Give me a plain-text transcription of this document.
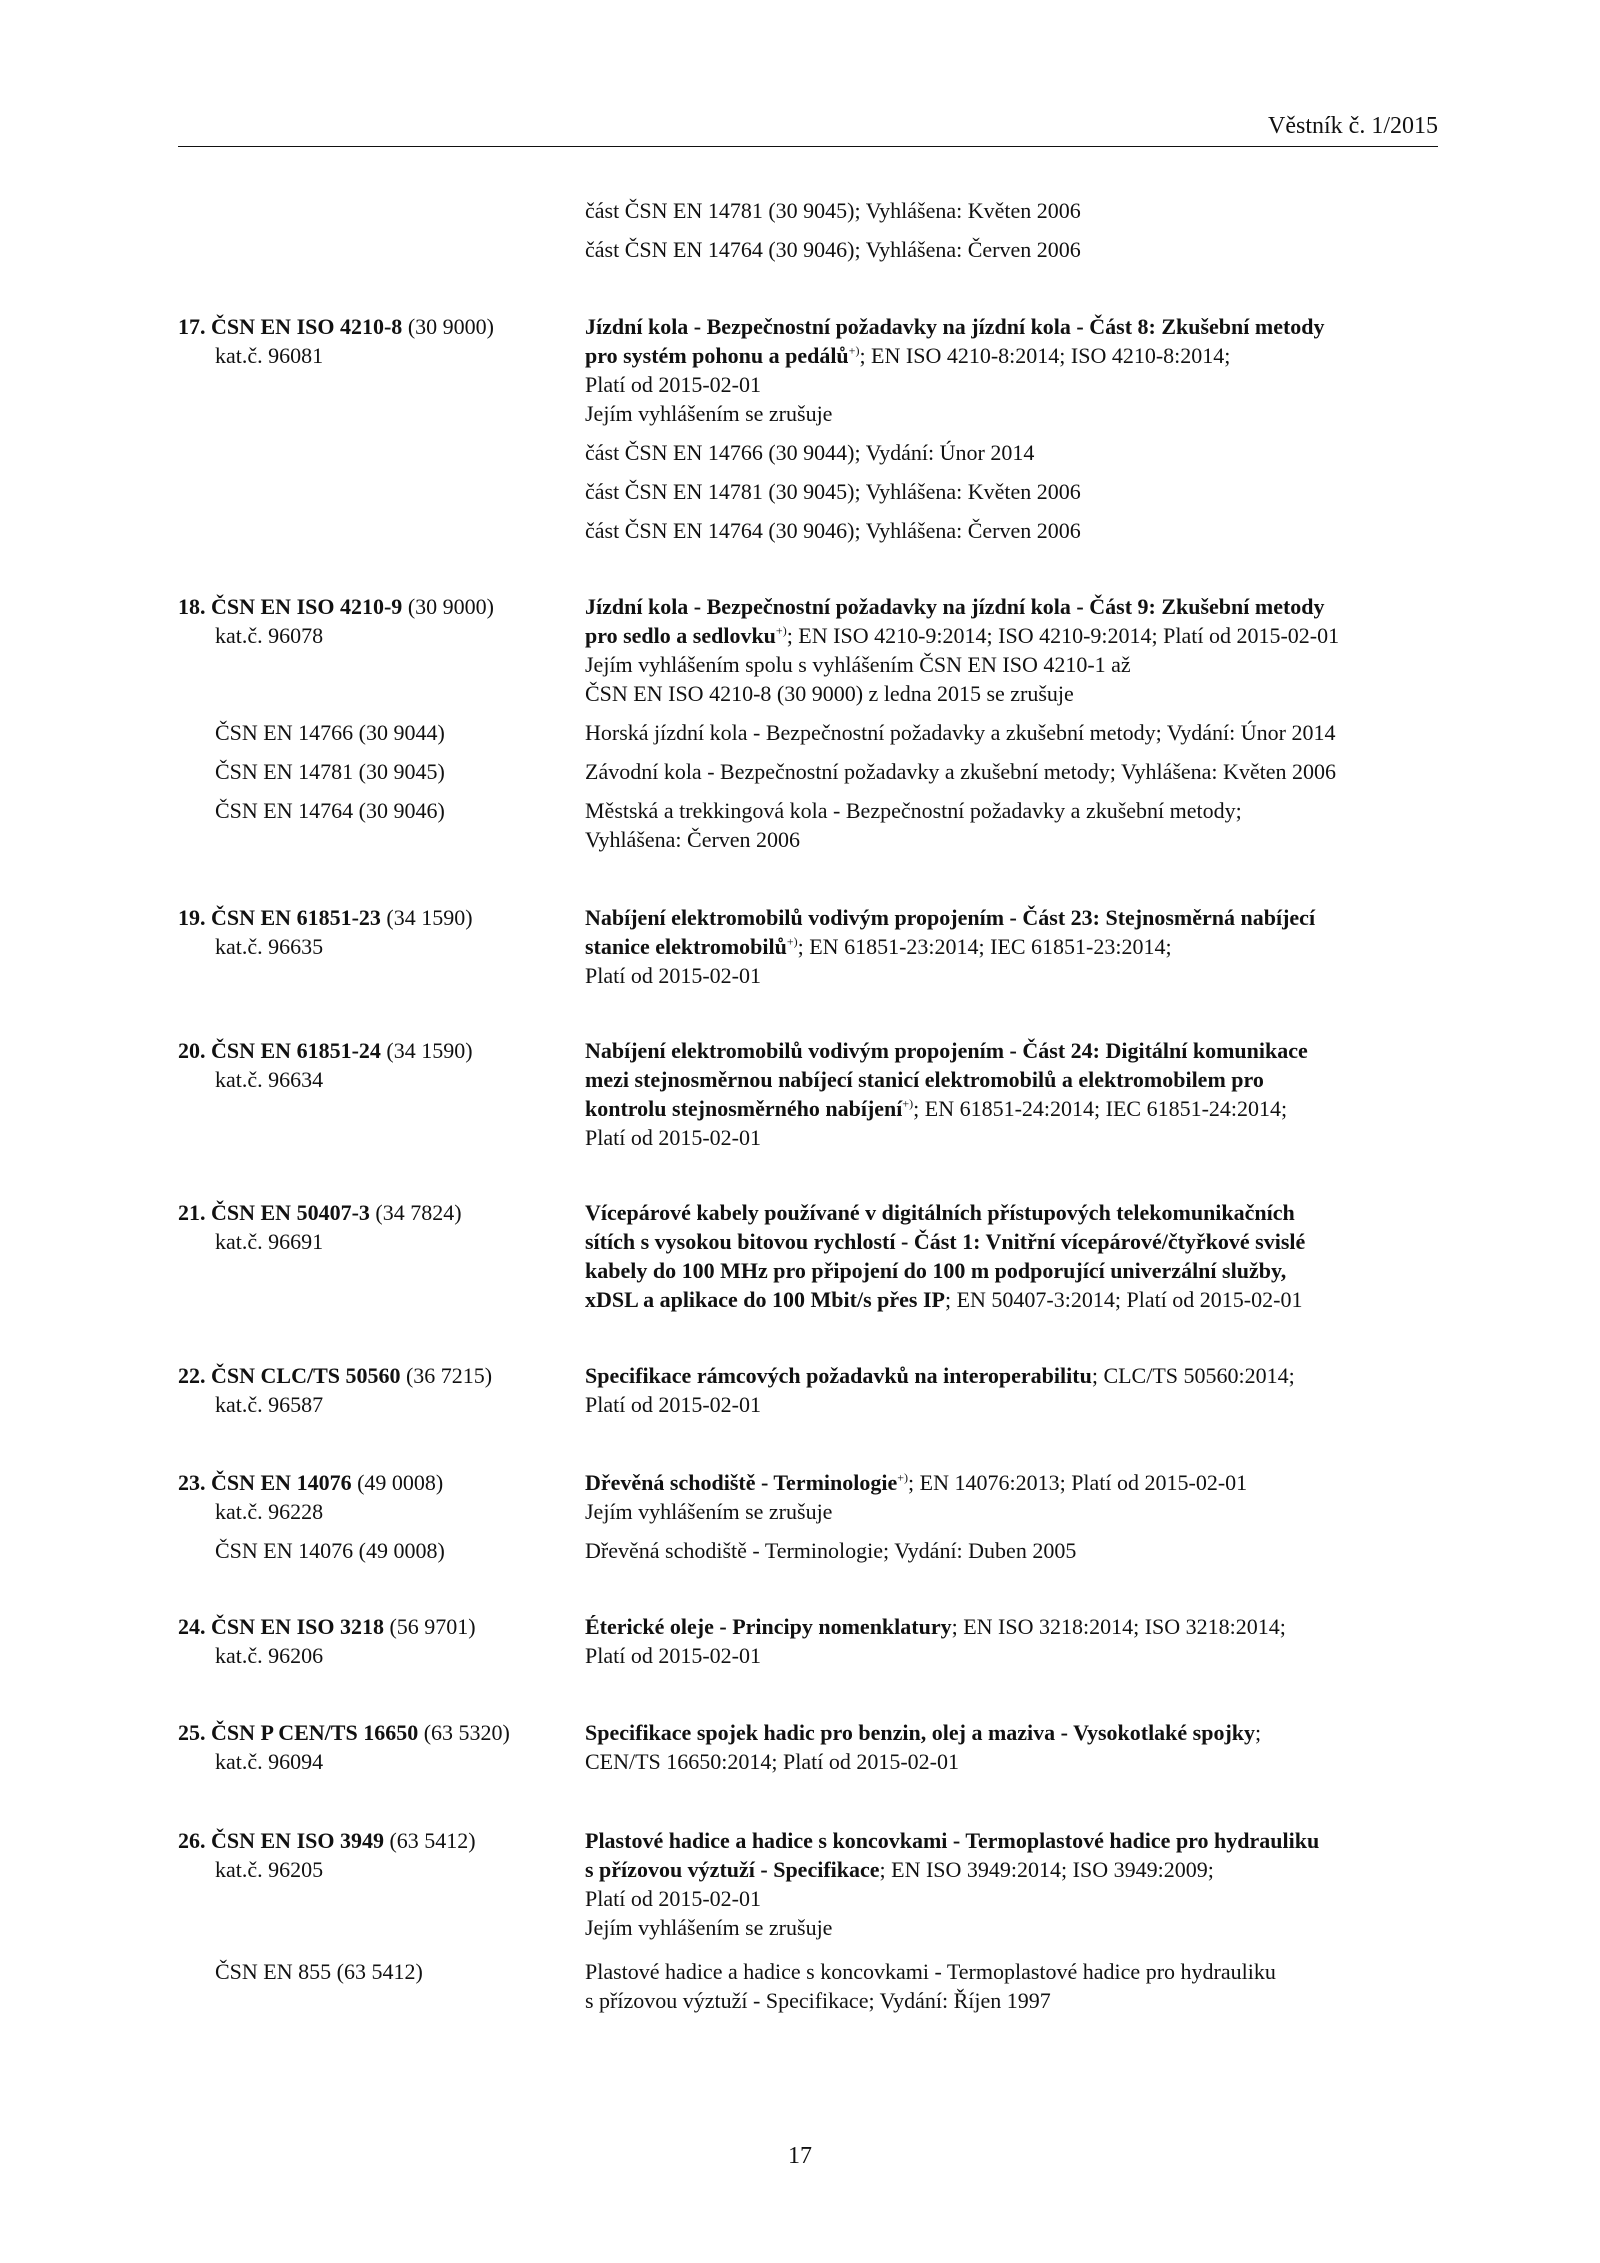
Věstník č. 1/2015
část ČSN EN 14781 (30 9045); Vyhlášena: Květen 2006
část ČSN EN 14764 (30 9046); Vyhlášena: Červen 2006
17. ČSN EN ISO 4210-8 (30 9000)
kat.č. 96081
Jízdní kola - Bezpečnostní požadavky na jízdní kola - Část 8: Zkušební metody
pro systém pohonu a pedálů+); EN ISO 4210-8:2014; ISO 4210-8:2014;
Platí od 2015-02-01
Jejím vyhlášením se zrušuje
část ČSN EN 14766 (30 9044); Vydání: Únor 2014
část ČSN EN 14781 (30 9045); Vyhlášena: Květen 2006
část ČSN EN 14764 (30 9046); Vyhlášena: Červen 2006
18. ČSN EN ISO 4210-9 (30 9000)
kat.č. 96078
Jízdní kola - Bezpečnostní požadavky na jízdní kola - Část 9: Zkušební metody
pro sedlo a sedlovku+); EN ISO 4210-9:2014; ISO 4210-9:2014; Platí od 2015-02-01
Jejím vyhlášením spolu s vyhlášením ČSN EN ISO 4210-1 až
ČSN EN ISO 4210-8 (30 9000) z ledna 2015 se zrušuje
ČSN EN 14766 (30 9044)
ČSN EN 14781 (30 9045)
ČSN EN 14764 (30 9046)
Horská jízdní kola - Bezpečnostní požadavky a zkušební metody; Vydání: Únor 2014
Závodní kola - Bezpečnostní požadavky a zkušební metody; Vyhlášena: Květen 2006
Městská a trekkingová kola - Bezpečnostní požadavky a zkušební metody;
Vyhlášena: Červen 2006
19. ČSN EN 61851-23 (34 1590)
kat.č. 96635
Nabíjení elektromobilů vodivým propojením - Část 23: Stejnosměrná nabíjecí
stanice elektromobilů+); EN 61851-23:2014; IEC 61851-23:2014;
Platí od 2015-02-01
20. ČSN EN 61851-24 (34 1590)
kat.č. 96634
Nabíjení elektromobilů vodivým propojením - Část 24: Digitální komunikace
mezi stejnosměrnou nabíjecí stanicí elektromobilů a elektromobilem pro
kontrolu stejnosměrného nabíjení+); EN 61851-24:2014; IEC 61851-24:2014;
Platí od 2015-02-01
21. ČSN EN 50407-3 (34 7824)
kat.č. 96691
Vícepárové kabely používané v digitálních přístupových telekomunikačních
sítích s vysokou bitovou rychlostí - Část 1: Vnitřní vícepárové/čtyřkové svislé
kabely do 100 MHz pro připojení do 100 m podporující univerzální služby,
xDSL a aplikace do 100 Mbit/s přes IP; EN 50407-3:2014; Platí od 2015-02-01
22. ČSN CLC/TS 50560 (36 7215)
kat.č. 96587
Specifikace rámcových požadavků na interoperabilitu; CLC/TS 50560:2014;
Platí od 2015-02-01
23. ČSN EN 14076 (49 0008)
kat.č. 96228
ČSN EN 14076 (49 0008)
Dřevěná schodiště - Terminologie+); EN 14076:2013; Platí od 2015-02-01
Jejím vyhlášením se zrušuje
Dřevěná schodiště - Terminologie; Vydání: Duben 2005
24. ČSN EN ISO 3218 (56 9701)
kat.č. 96206
Éterické oleje - Principy nomenklatury; EN ISO 3218:2014; ISO 3218:2014;
Platí od 2015-02-01
25. ČSN P CEN/TS 16650 (63 5320)
kat.č. 96094
Specifikace spojek hadic pro benzin, olej a maziva - Vysokotlaké spojky;
CEN/TS 16650:2014; Platí od 2015-02-01
26. ČSN EN ISO 3949 (63 5412)
kat.č. 96205
Plastové hadice a hadice s koncovkami - Termoplastové hadice pro hydrauliku
s přízovou výztuží - Specifikace; EN ISO 3949:2014; ISO 3949:2009;
Platí od 2015-02-01
Jejím vyhlášením se zrušuje
ČSN EN 855 (63 5412)	Plastové hadice a hadice s koncovkami - Termoplastové hadice pro hydrauliku
s přízovou výztuží - Specifikace; Vydání: Říjen 1997
17
